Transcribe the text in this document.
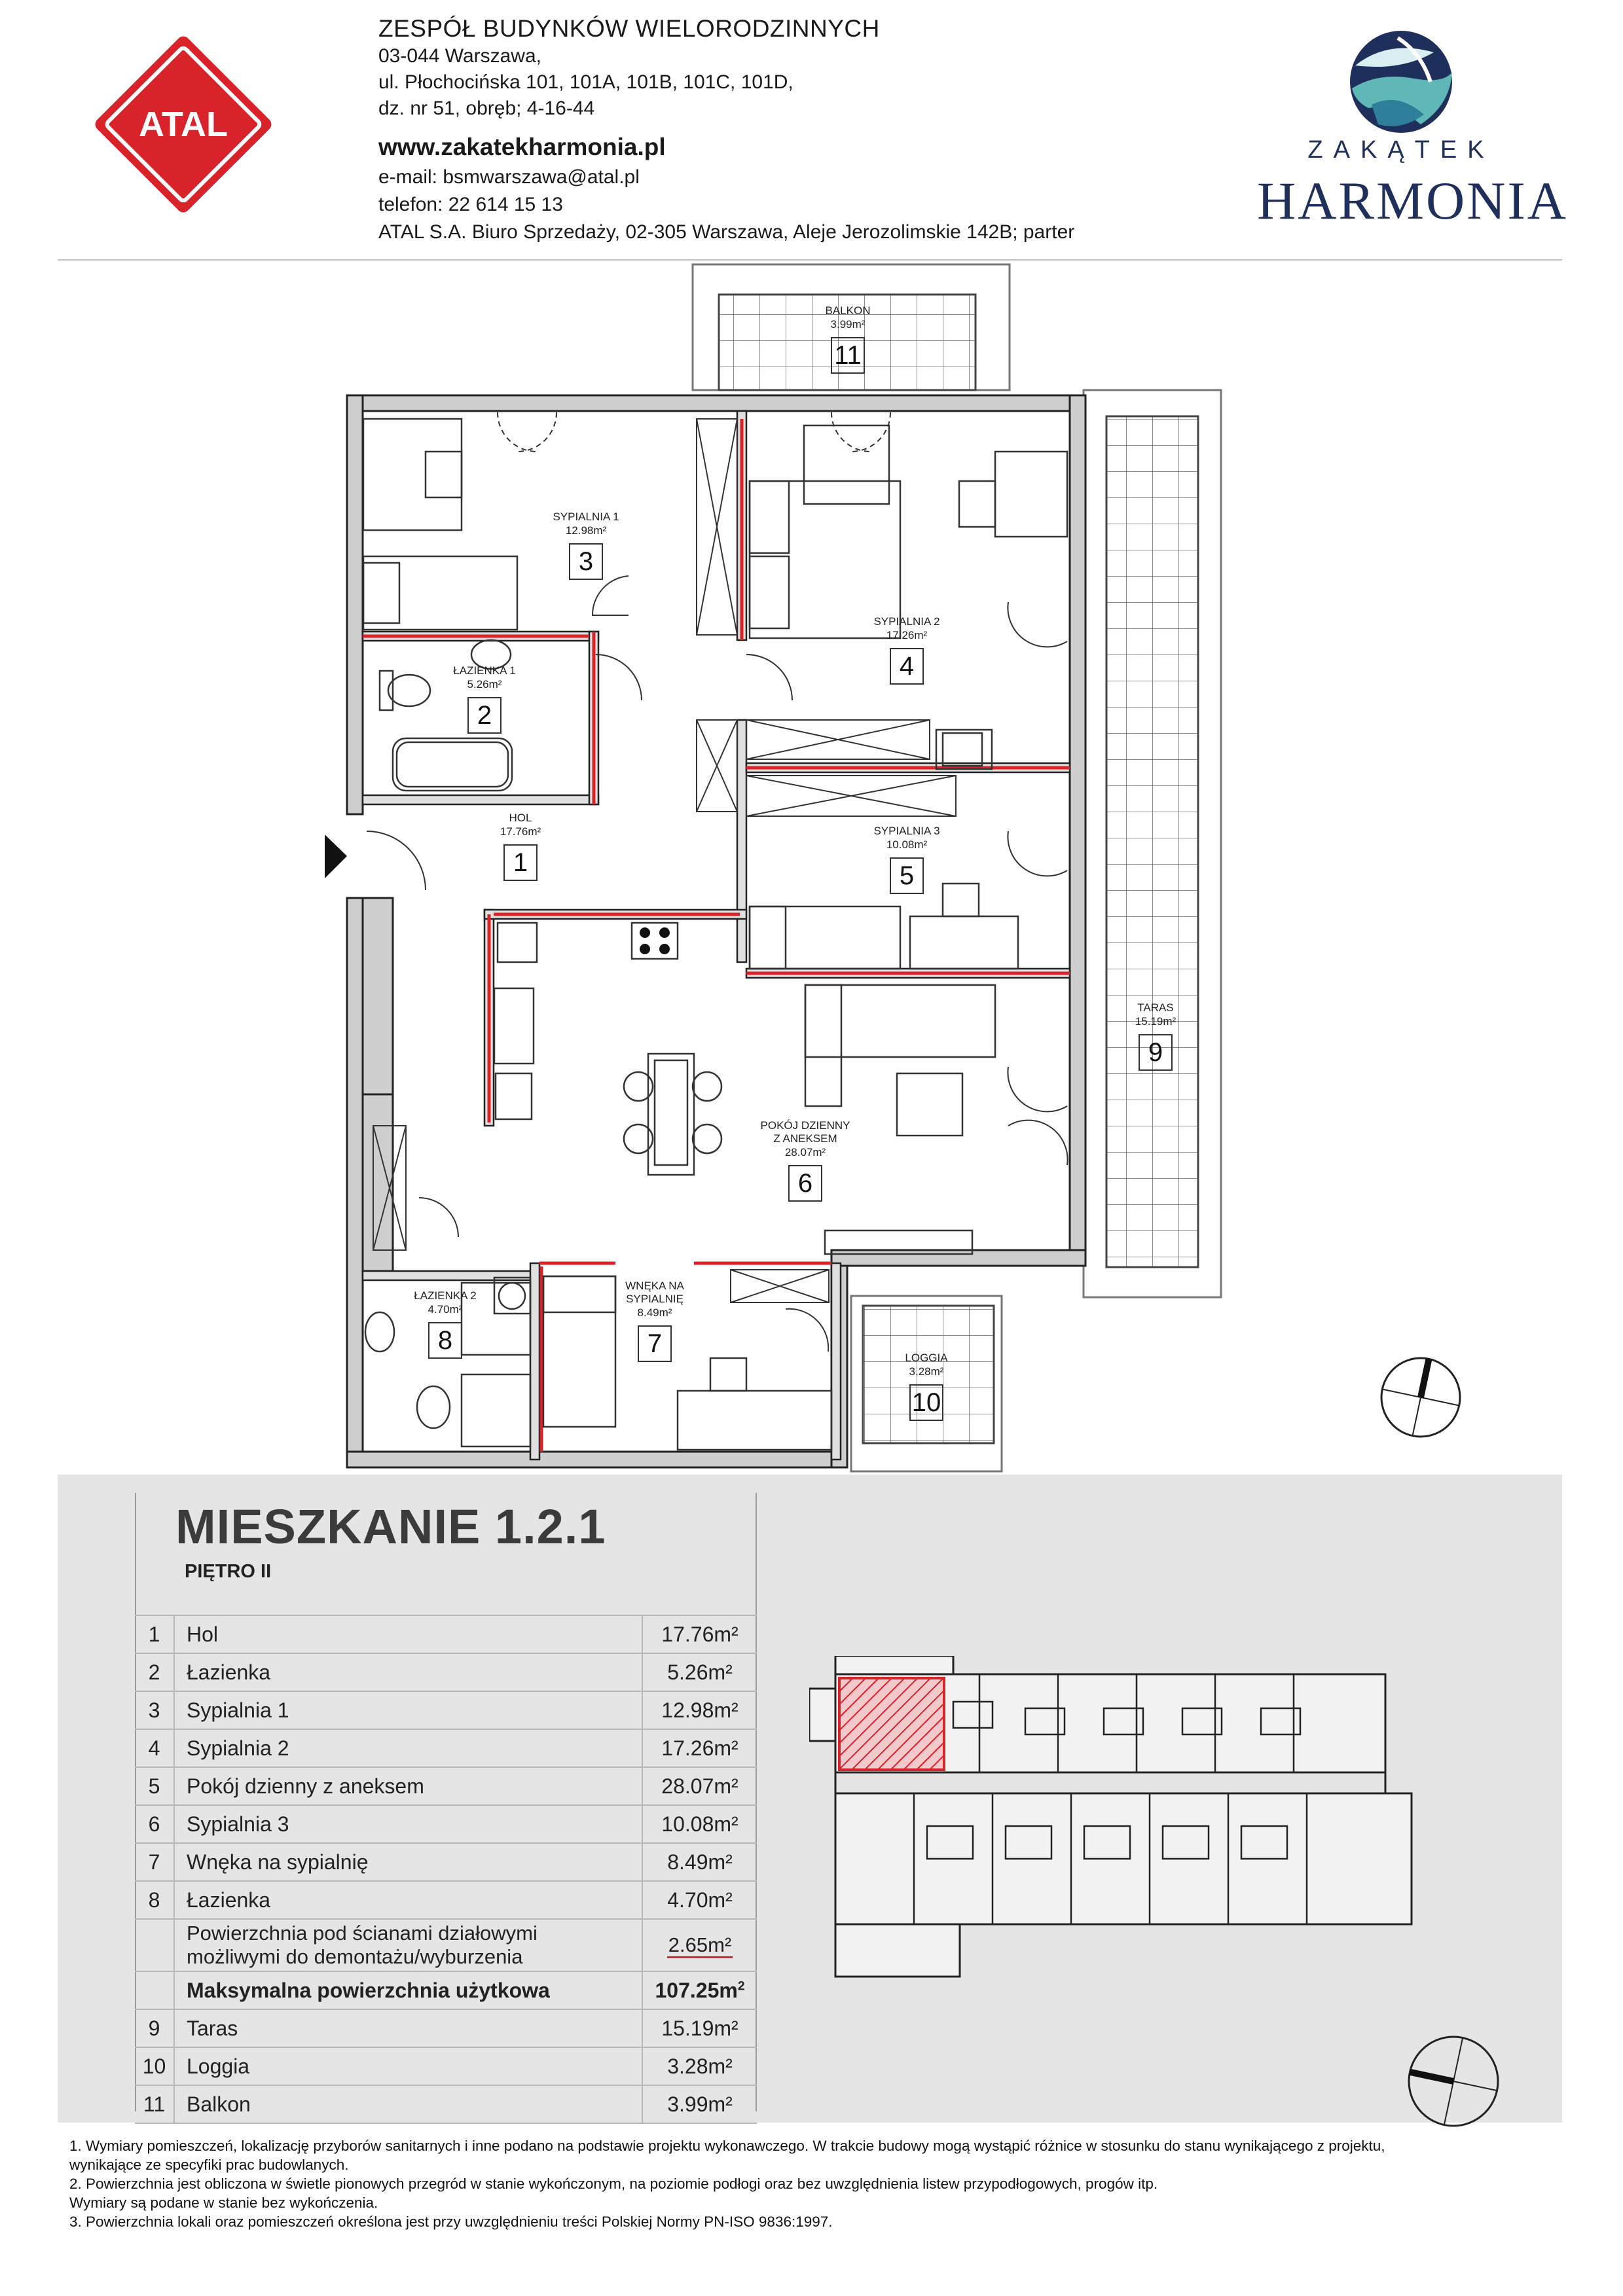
ATAL
ZESPÓŁ BUDYNKÓW WIELORODZINNYCH
03-044 Warszawa,
ul. Płochocińska 101, 101A, 101B, 101C, 101D,
dz. nr 51, obręb; 4-16-44
www.zakatekharmonia.pl
e-mail: bsmwarszawa@atal.pl
telefon: 22 614 15 13
ATAL S.A. Biuro Sprzedaży, 02-305 Warszawa, Aleje Jerozolimskie 142B; parter
ZAKĄTEK
HARMONIA
HOL
17.76m²
1
ŁAZIENKA 1
5.26m²
2
SYPIALNIA 1
12.98m²
3
SYPIALNIA 2
17.26m²
4
SYPIALNIA 3
10.08m²
5
POKÓJ DZIENNY
Z ANEKSEM
28.07m²
6
WNĘKA NA
SYPIALNIĘ
8.49m²
7
ŁAZIENKA 2
4.70m²
8
TARAS
15.19m²
9
LOGGIA
3.28m²
10
BALKON
3.99m²
11
MIESZKANIE 1.2.1
PIĘTRO II
1	Hol	17.76m²
2	Łazienka	5.26m²
3	Sypialnia 1	12.98m²
4	Sypialnia 2	17.26m²
5	Pokój dzienny z aneksem	28.07m²
6	Sypialnia 3	10.08m²
7	Wnęka na sypialnię	8.49m²
8	Łazienka	4.70m²

	Powierzchnia pod ścianami działowymi
możliwymi do demontażu/wyburzenia	2.65m²
	Maksymalna powierzchnia użytkowa	$107.25m^2$
9	Taras	15.19m²
10	Loggia	3.28m²
11	Balkon	3.99m²
1. Wymiary pomieszczeń, lokalizację przyborów sanitarnych i inne podano na podstawie projektu wykonawczego. W trakcie budowy mogą wystąpić różnice w stosunku do stanu wynikającego z projektu,
wynikające ze specyfiki prac budowlanych.
2. Powierzchnia jest obliczona w świetle pionowych przegród w stanie wykończonym, na poziomie podłogi oraz bez uwzględnienia listew przypodłogowych, progów itp.
Wymiary są podane w stanie bez wykończenia.
3. Powierzchnia lokali oraz pomieszczeń określona jest przy uwzględnieniu treści Polskiej Normy PN-ISO 9836:1997.
